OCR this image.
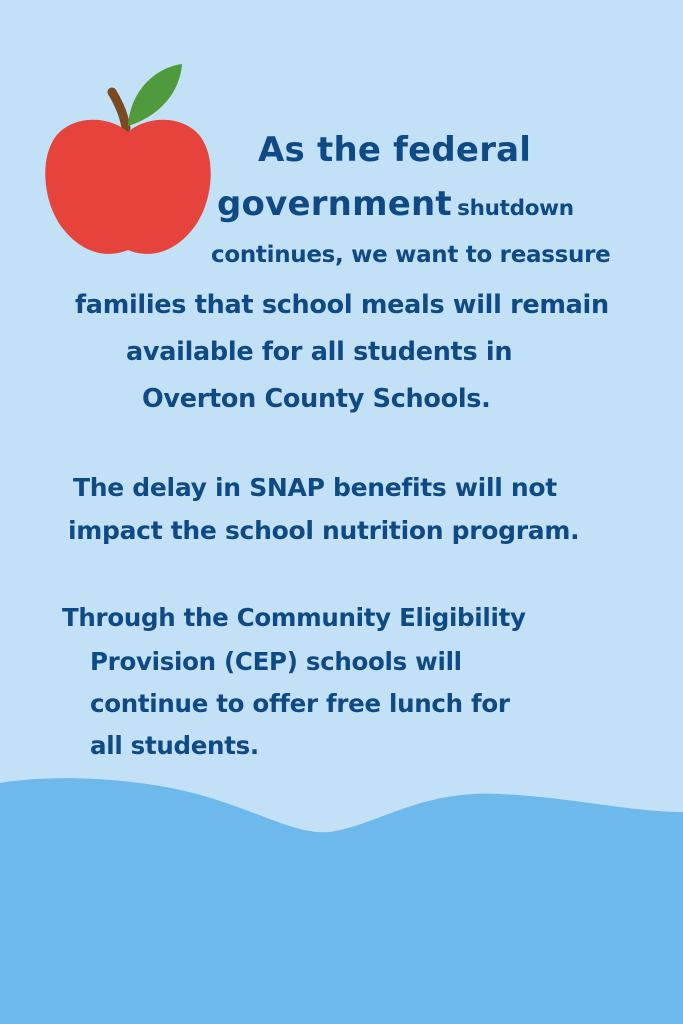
As the federal
government shutdown
continues, we want to reassure
families that school meals will remain
available for all students in
Overton County Schools.
The delay in SNAP benefits will not
impact the school nutrition program.
Through the Community Eligibility
Provision (CEP) schools will
continue to offer free lunch for
all students.
